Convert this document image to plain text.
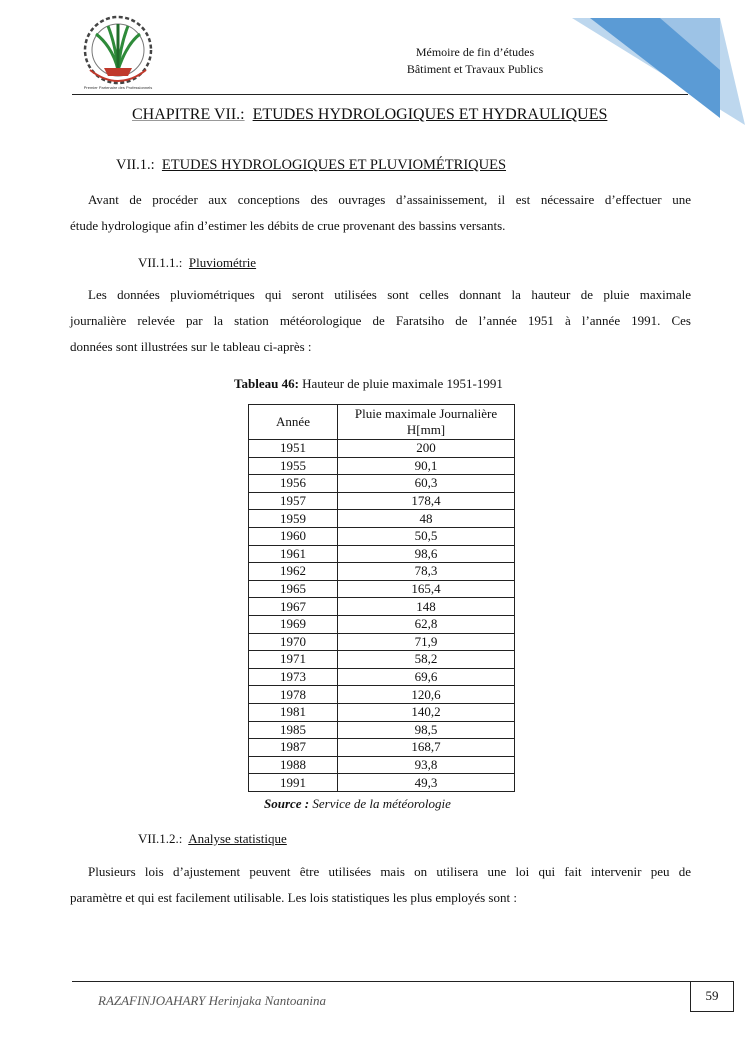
Premier Partenaire des Professionnels
Mémoire de fin d’études
Bâtiment et Travaux Publics
CHAPITRE VII.: ETUDES HYDROLOGIQUES ET HYDRAULIQUES
VII.1.: ETUDES HYDROLOGIQUES ET PLUVIOMÉTRIQUES
Avant de procéder aux conceptions des ouvrages d’assainissement, il est nécessaire d’effectuer une
étude hydrologique afin d’estimer les débits de crue provenant des bassins versants.
VII.1.1.: Pluviométrie
Les données pluviométriques qui seront utilisées sont celles donnant la hauteur de pluie maximale
journalière relevée par la station météorologique de Faratsiho de l’année 1951 à l’année 1991. Ces
données sont illustrées sur le tableau ci-après :
Tableau 46: Hauteur de pluie maximale 1951-1991
Année	Pluie maximale Journalière H[mm]
1951	200
1955	90,1
1956	60,3
1957	178,4
1959	48
1960	50,5
1961	98,6
1962	78,3
1965	165,4
1967	148
1969	62,8
1970	71,9
1971	58,2
1973	69,6
1978	120,6
1981	140,2
1985	98,5
1987	168,7
1988	93,8
1991	49,3
Source : Service de la météorologie
VII.1.2.: Analyse statistique
Plusieurs lois d’ajustement peuvent être utilisées mais on utilisera une loi qui fait intervenir peu de
paramètre et qui est facilement utilisable. Les lois statistiques les plus employés sont :
RAZAFINJOAHARY Herinjaka Nantoanina	59
